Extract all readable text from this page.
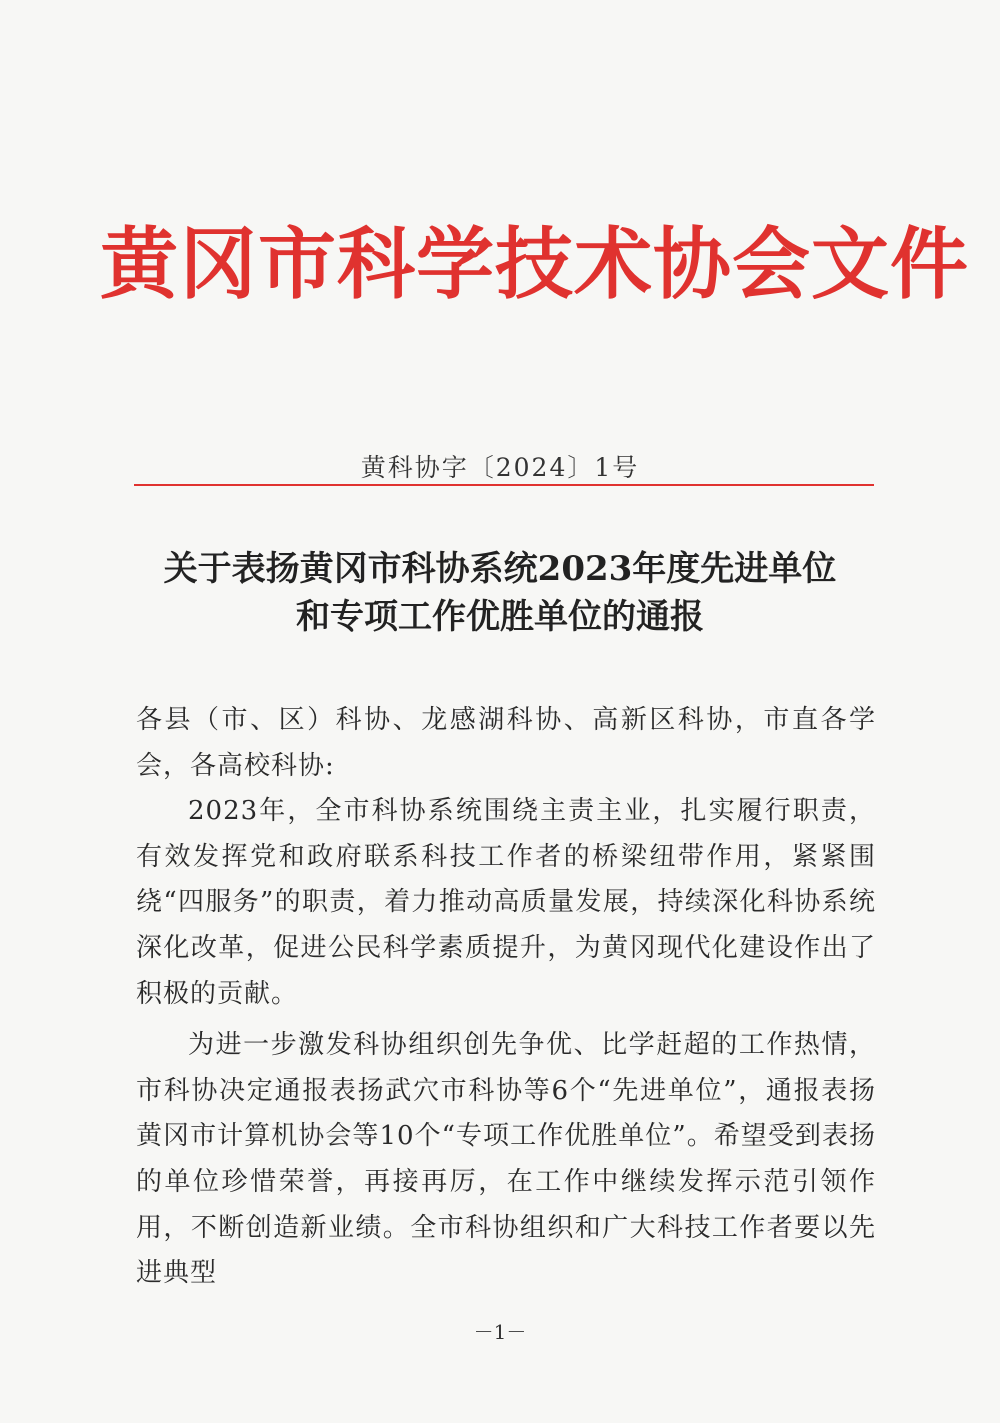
黄冈市科学技术协会文件
黄科协字〔2024〕1号
关于表扬黄冈市科协系统2023年度先进单位
和专项工作优胜单位的通报

各县（市、区）科协、龙感湖科协、高新区科协，市直各学会，各高校科协:

2023年，全市科协系统围绕主责主业，扎实履行职责，有效发挥党和政府联系科技工作者的桥梁纽带作用，紧紧围绕“四服务”的职责，着力推动高质量发展，持续深化科协系统深化改革，促进公民科学素质提升，为黄冈现代化建设作出了积极的贡献。

为进一步激发科协组织创先争优、比学赶超的工作热情，市科协决定通报表扬武穴市科协等6个“先进单位”，通报表扬黄冈市计算机协会等10个“专项工作优胜单位”。希望受到表扬的单位珍惜荣誉，再接再厉，在工作中继续发挥示范引领作用，不断创造新业绩。全市科协组织和广大科技工作者要以先进典型

－1－
